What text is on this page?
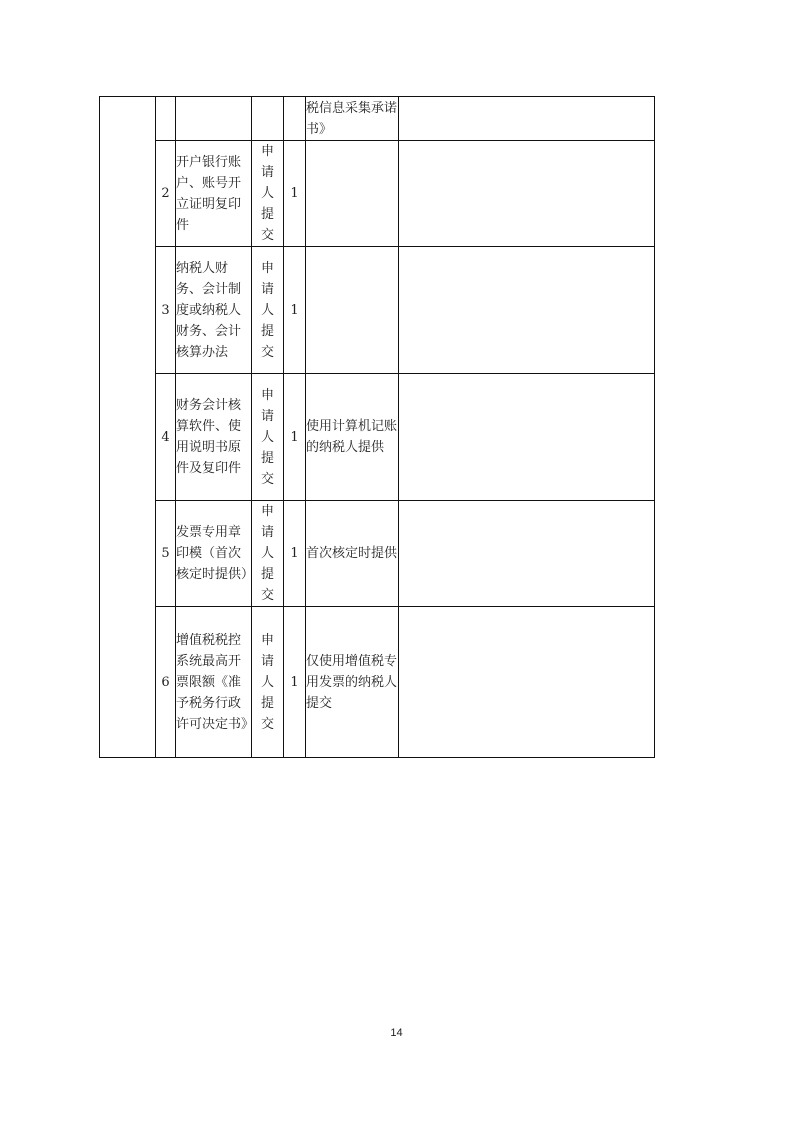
					税信息采集承诺书》	
	2	开户银行账户、账号开立证明复印件	申请人提交	1		
	3	纳税人财务、会计制度或纳税人财务、会计核算办法	申请人提交	1		
	4	财务会计核算软件、使用说明书原件及复印件	申请人提交	1	使用计算机记账的纳税人提供	
	5	发票专用章印模（首次核定时提供）	申请人提交	1	首次核定时提供	
	6	增值税税控系统最高开票限额《准予税务行政许可决定书》	申请人提交	1	仅使用增值税专用发票的纳税人提交	
14
